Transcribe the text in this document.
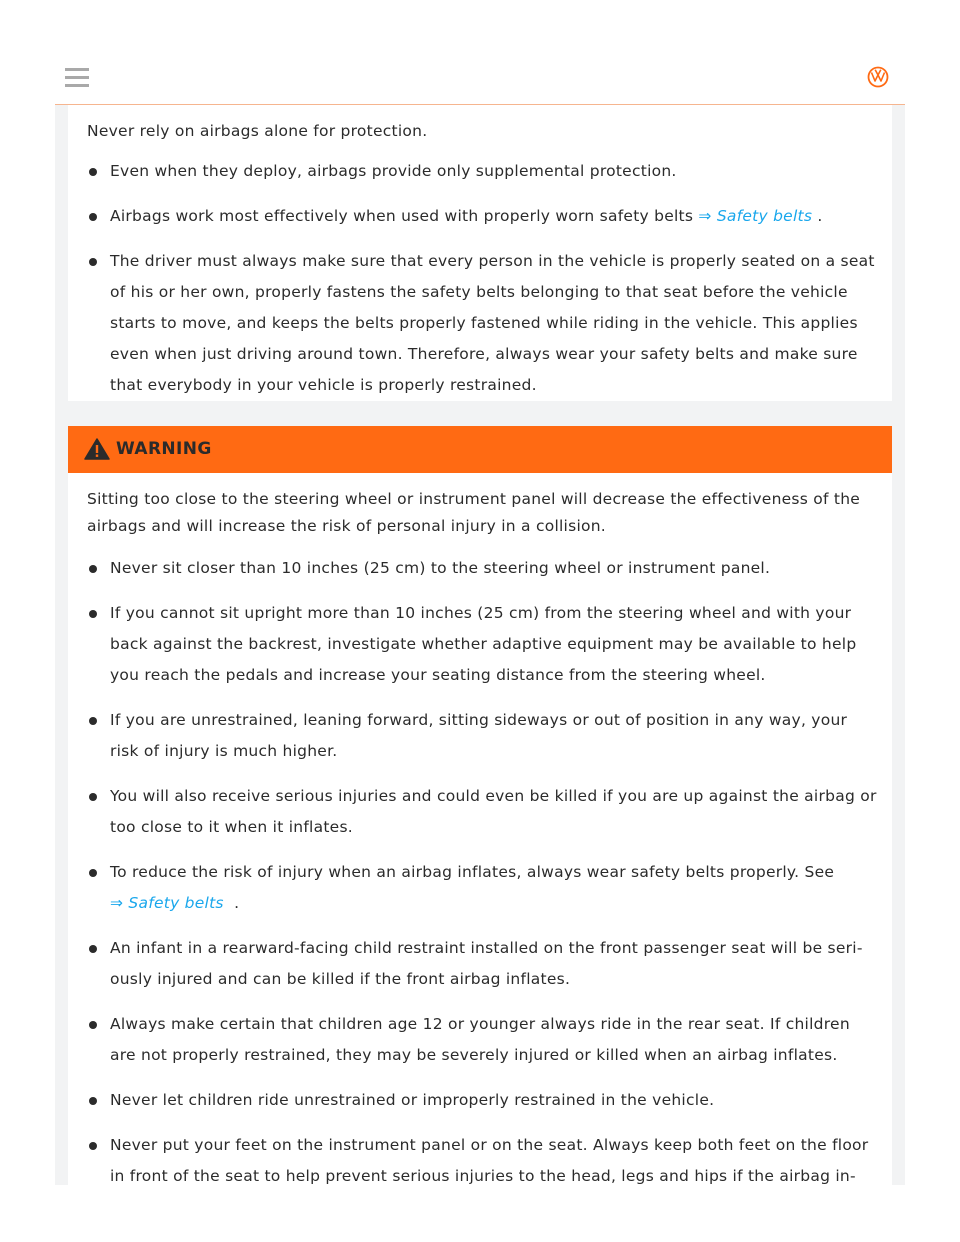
Never rely on airbags alone for protection.

Even when they deploy, airbags provide only supplemental protection.
Airbags work most effectively when used with properly worn safety belts ⇒ Safety belts .
The driver must always make sure that every person in the vehicle is properly seated on a seat of his or her own, properly fastens the safety belts belonging to that seat before the vehicle starts to move, and keeps the belts properly fastened while riding in the vehicle. This applies even when just driving around town. Therefore, always wear your safety belts and make sure that everybody in your vehicle is properly restrained.
WARNING

Sitting too close to the steering wheel or instrument panel will decrease the effectiveness of the airbags and will increase the risk of personal injury in a collision.

Never sit closer than 10 inches (25 cm) to the steering wheel or instrument panel.
If you cannot sit upright more than 10 inches (25 cm) from the steering wheel and with your back against the backrest, investigate whether adaptive equipment may be available to help you reach the pedals and increase your seating distance from the steering wheel.
If you are unrestrained, leaning forward, sitting sideways or out of position in any way, your risk of injury is much higher.
You will also receive serious injuries and could even be killed if you are up against the airbag or too close to it when it inflates.
To reduce the risk of injury when an airbag inflates, always wear safety belts properly. See
⇒ Safety belts .
An infant in a rearward-facing child restraint installed on the front passenger seat will be seri- ously injured and can be killed if the front airbag inflates.
Always make certain that children age 12 or younger always ride in the rear seat. If children are not properly restrained, they may be severely injured or killed when an airbag inflates.
Never let children ride unrestrained or improperly restrained in the vehicle.
Never put your feet on the instrument panel or on the seat. Always keep both feet on the floor in front of the seat to help prevent serious injuries to the head, legs and hips if the airbag in-
